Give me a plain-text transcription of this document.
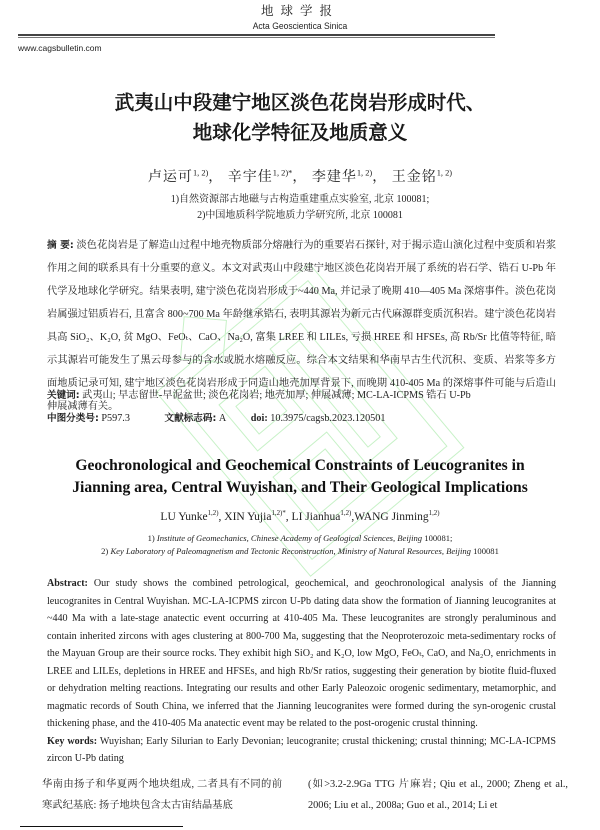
地球学报
Acta Geoscientica Sinica
www.cagsbulletin.com
武夷山中段建宁地区淡色花岗岩形成时代、
地球化学特征及地质意义
卢运可$^{1, 2)}$， 辛宇佳$^{1, 2)*}$， 李建华$^{1, 2)}$， 王金铭$^{1, 2)}$
1)自然资源部古地磁与古构造重建重点实验室, 北京 100081;
2)中国地质科学院地质力学研究所, 北京 100081

摘 要: 淡色花岗岩是了解造山过程中地壳物质部分熔融行为的重要岩石探针, 对于揭示造山演化过程中变质和岩浆作用之间的联系具有十分重要的意义。本文对武夷山中段建宁地区淡色花岗岩开展了系统的岩石学、锆石 U-Pb 年代学及地球化学研究。结果表明, 建宁淡色花岗岩形成于~440 Ma, 并记录了晚期 410—405 Ma 深熔事件。淡色花岗岩属强过铝质岩石, 且富含 800~700 Ma 年龄继承锆石, 表明其源岩为新元古代麻源群变质沉积岩。建宁淡色花岗岩具高 SiO₂、K₂O, 贫 MgO、FeOₜ、CaO、Na₂O, 富集 LREE 和 LILEs, 亏损 HREE 和 HFSEs, 高 Rb/Sr 比值等特征, 暗示其源岩可能发生了黑云母参与的含水或脱水熔融反应。综合本文结果和华南早古生代沉积、变质、岩浆等多方面地质记录可知, 建宁地区淡色花岗岩形成于同造山地壳加厚背景下, 而晚期 410-405 Ma 的深熔事件可能与后造山伸展减薄有关。

关键词: 武夷山; 早志留世-早泥盆世; 淡色花岗岩; 地壳加厚; 伸展减薄; MC-LA-ICPMS 锆石 U-Pb
中图分类号: P597.3	文献标志码: A doi: 10.3975/cagsb.2023.120501
Geochronological and Geochemical Constraints of Leucogranites in
Jianning area, Central Wuyishan, and Their Geological Implications
LU Yunke$^{1,2)}$, XIN Yujia$^{1,2)*}$, LI Jianhua$^{1,2)}$,WANG Jinming$^{1,2)}$
1) Institute of Geomechanics, Chinese Academy of Geological Sciences, Beijing 100081;
2) Key Laboratory of Paleomagnetism and Tectonic Reconstruction, Ministry of Natural Resources, Beijing 100081

Abstract: Our study shows the combined petrological, geochemical, and geochronological analysis of the Jianning leucogranites in Central Wuyishan. MC-LA-ICPMS zircon U-Pb dating data show the formation of Jianning leucogranites at ~440 Ma with a late-stage anatectic event occurring at 410-405 Ma. These leucogranites are strongly peraluminous and contain inherited zircons with ages clustering at 800-700 Ma, suggesting that the Neoproterozoic meta-sedimentary rocks of the Mayuan Group are their source rocks. They exhibit high SiO₂ and K₂O, low MgO, FeOₜ, CaO, and Na₂O, enrichments in LREE and LILEs, depletions in HREE and HFSEs, and high Rb/Sr ratios, suggesting their generation by biotite fluid-fluxed or dehydration melting reactions. Integrating our results and other Early Paleozoic orogenic sedimentary, metamorphic, and magmatic records of South China, we inferred that the Jianning leucogranites were formed during the syn-orogenic crustal thickening phase, and the 410-405 Ma anatectic event may be related to the post-orogenic crustal thinning.

Key words: Wuyishan; Early Silurian to Early Devonian; leucogranite; crustal thickening; crustal thinning; MC-LA-ICPMS zircon U-Pb dating

华南由扬子和华夏两个地块组成, 二者具有不同的前寒武纪基底: 扬子地块包含太古宙结晶基底
(如>3.2-2.9Ga TTG 片麻岩; Qiu et al., 2000; Zheng et al., 2006; Liu et al., 2008a; Guo et al., 2014; Li et
